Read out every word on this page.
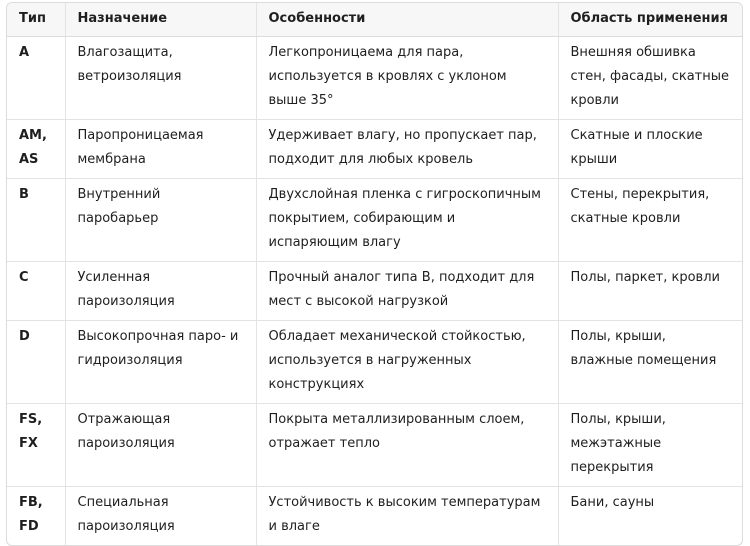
Тип	Назначение	Особенности	Область применения
A	Влагозащита, ветроизоляция	Легкопроницаема для пара, используется в кровлях с уклоном выше 35°	Внешняя обшивка стен, фасады, скатные кровли
AM, AS	Паропроницаемая мембрана	Удерживает влагу, но пропускает пар, подходит для любых кровель	Скатные и плоские крыши
B	Внутренний паробарьер	Двухслойная пленка с гигроскопичным покрытием, собирающим и испаряющим влагу	Стены, перекрытия, скатные кровли
C	Усиленная пароизоляция	Прочный аналог типа B, подходит для мест с высокой нагрузкой	Полы, паркет, кровли
D	Высокопрочная паро- и гидроизоляция	Обладает механической стойкостью, используется в нагруженных конструкциях	Полы, крыши, влажные помещения
FS, FX	Отражающая пароизоляция	Покрыта металлизированным слоем, отражает тепло	Полы, крыши, межэтажные перекрытия
FB, FD	Специальная пароизоляция	Устойчивость к высоким температурам и влаге	Бани, сауны
